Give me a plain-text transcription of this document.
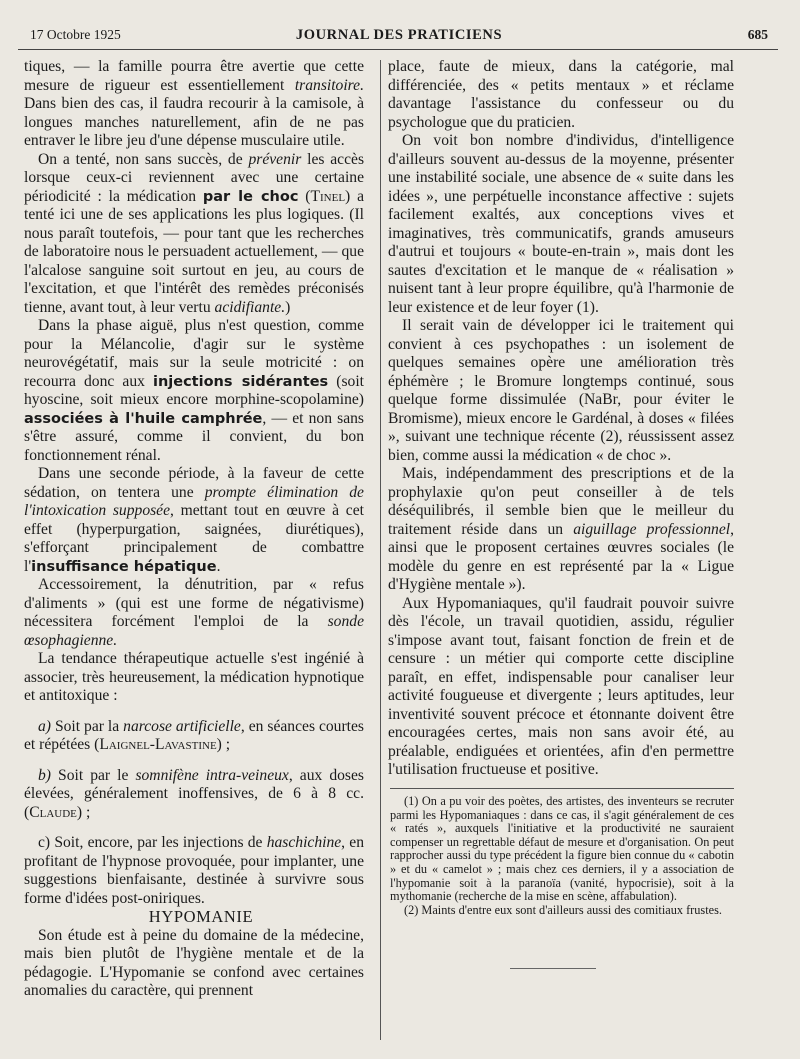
17 Octobre 1925	JOURNAL DES PRATICIENS	685

tiques, — la famille pourra être avertie que cette mesure de rigueur est essentiellement transitoire. Dans bien des cas, il faudra recourir à la camisole, à longues manches naturellement, afin de ne pas entraver le libre jeu d'une dépense musculaire utile.

On a tenté, non sans succès, de prévenir les accès lorsque ceux-ci reviennent avec une certaine périodicité : la médication par le choc (Tinel) a tenté ici une de ses applications les plus logiques. (Il nous paraît toutefois, — pour tant que les recherches de laboratoire nous le persuadent actuellement, — que l'alcalose sanguine soit surtout en jeu, au cours de l'excitation, et que l'intérêt des remèdes préconisés tienne, avant tout, à leur vertu acidifiante.)

Dans la phase aiguë, plus n'est question, comme pour la Mélancolie, d'agir sur le système neurovégétatif, mais sur la seule motricité : on recourra donc aux injections sidérantes (soit hyoscine, soit mieux encore morphine-scopolamine) associées à l'huile camphrée, — et non sans s'être assuré, comme il convient, du bon fonctionnement rénal.

Dans une seconde période, à la faveur de cette sédation, on tentera une prompte élimination de l'intoxication supposée, mettant tout en œuvre à cet effet (hyperpurgation, saignées, diurétiques), s'efforçant principalement de combattre l'insuffisance hépatique.

Accessoirement, la dénutrition, par « refus d'aliments » (qui est une forme de négativisme) nécessitera forcément l'emploi de la sonde œsophagienne.

La tendance thérapeutique actuelle s'est ingénié à associer, très heureusement, la médication hypnotique et antitoxique :

a) Soit par la narcose artificielle, en séances courtes et répétées (Laignel-Lavastine) ;

b) Soit par le somnifène intra-veineux, aux doses élevées, généralement inoffensives, de 6 à 8 cc. (Claude) ;

c) Soit, encore, par les injections de haschichine, en profitant de l'hypnose provoquée, pour implanter, une suggestions bienfaisante, destinée à survivre sous forme d'idées post-oniriques.

HYPOMANIE

Son étude est à peine du domaine de la médecine, mais bien plutôt de l'hygiène mentale et de la pédagogie. L'Hypomanie se confond avec certaines anomalies du caractère, qui prennent

place, faute de mieux, dans la catégorie, mal différenciée, des « petits mentaux » et réclame davantage l'assistance du confesseur ou du psychologue que du praticien.

On voit bon nombre d'individus, d'intelligence d'ailleurs souvent au-dessus de la moyenne, présenter une instabilité sociale, une absence de « suite dans les idées », une perpétuelle inconstance affective : sujets facilement exaltés, aux conceptions vives et imaginatives, très communicatifs, grands amuseurs d'autrui et toujours « boute-en-train », mais dont les sautes d'excitation et le manque de « réalisation » nuisent tant à leur propre équilibre, qu'à l'harmonie de leur existence et de leur foyer (1).

Il serait vain de développer ici le traitement qui convient à ces psychopathes : un isolement de quelques semaines opère une amélioration très éphémère ; le Bromure longtemps continué, sous quelque forme dissimulée (NaBr, pour éviter le Bromisme), mieux encore le Gardénal, à doses « filées », suivant une technique récente (2), réussissent assez bien, comme aussi la médication « de choc ».

Mais, indépendamment des prescriptions et de la prophylaxie qu'on peut conseiller à de tels déséquilibrés, il semble bien que le meilleur du traitement réside dans un aiguillage professionnel, ainsi que le proposent certaines œuvres sociales (le modèle du genre en est représenté par la « Ligue d'Hygiène mentale »).

Aux Hypomaniaques, qu'il faudrait pouvoir suivre dès l'école, un travail quotidien, assidu, régulier s'impose avant tout, faisant fonction de frein et de censure : un métier qui comporte cette discipline paraît, en effet, indispensable pour canaliser leur activité fougueuse et divergente ; leurs aptitudes, leur inventivité souvent précoce et étonnante doivent être encouragées certes, mais non sans avoir été, au préalable, endiguées et orientées, afin d'en permettre l'utilisation fructueuse et positive.

(1) On a pu voir des poètes, des artistes, des inventeurs se recruter parmi les Hypomaniaques : dans ce cas, il s'agit généralement de ces « ratés », auxquels l'initiative et la productivité ne sauraient compenser un regrettable défaut de mesure et d'organisation. On peut rapprocher aussi du type précédent la figure bien connue du « cabotin » et du « camelot » ; mais chez ces derniers, il y a association de l'hypomanie soit à la paranoïa (vanité, hypocrisie), soit à la mythomanie (recherche de la mise en scène, affabulation).

(2) Maints d'entre eux sont d'ailleurs aussi des comitiaux frustes.
